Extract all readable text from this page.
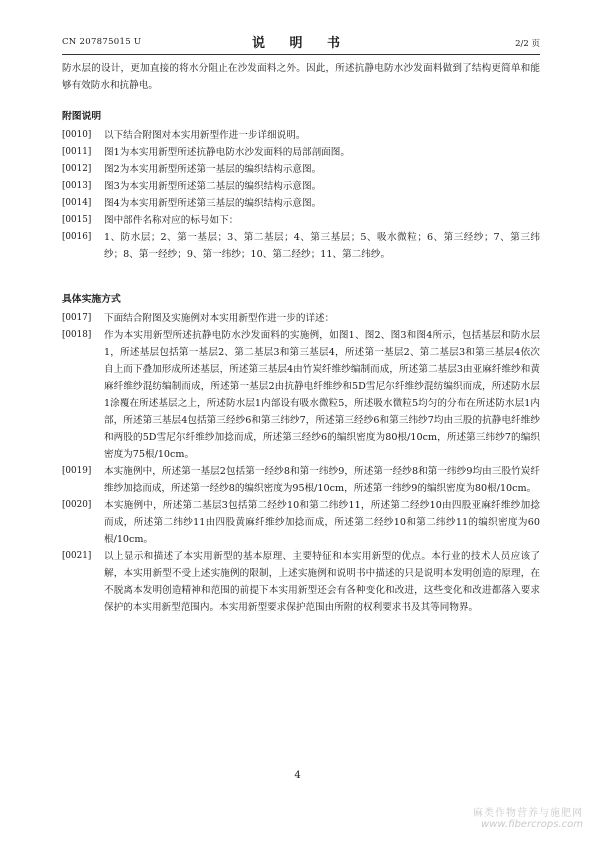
CN 207875015 U	说 明 书	2/2 页

防水层的设计，更加直接的将水分阻止在沙发面料之外。因此，所述抗静电防水沙发面料做到了结构更简单和能够有效防水和抗静电。

附图说明
[0010]	以下结合附图对本实用新型作进一步详细说明。
[0011]	图1为本实用新型所述抗静电防水沙发面料的局部剖面图。
[0012]	图2为本实用新型所述第一基层的编织结构示意图。
[0013]	图3为本实用新型所述第二基层的编织结构示意图。
[0014]	图4为本实用新型所述第三基层的编织结构示意图。
[0015]	图中部件名称对应的标号如下：
[0016]	1、防水层；2、第一基层；3、第二基层；4、第三基层；5、吸水微粒；6、第三经纱；7、第三纬纱；8、第一经纱；9、第一纬纱；10、第二经纱；11、第二纬纱。
具体实施方式
[0017]	下面结合附图及实施例对本实用新型作进一步的详述：
[0018]	作为本实用新型所述抗静电防水沙发面料的实施例，如图1、图2、图3和图4所示，包括基层和防水层1，所述基层包括第一基层2、第二基层3和第三基层4，所述第一基层2、第二基层3和第三基层4依次自上而下叠加形成所述基层，所述第三基层4由竹炭纤维纱编制而成，所述第二基层3由亚麻纤维纱和黄麻纤维纱混纺编制而成，所述第一基层2由抗静电纤维纱和5D雪尼尔纤维纱混纺编织而成，所述防水层1涂覆在所述基层之上，所述防水层1内部设有吸水微粒5，所述吸水微粒5均匀的分布在所述防水层1内部，所述第三基层4包括第三经纱6和第三纬纱7，所述第三经纱6和第三纬纱7均由三股的抗静电纤维纱和两股的5D雪尼尔纤维纱加捻而成，所述第三经纱6的编织密度为80根/10cm，所述第三纬纱7的编织密度为75根/10cm。
[0019]	本实施例中，所述第一基层2包括第一经纱8和第一纬纱9，所述第一经纱8和第一纬纱9均由三股竹炭纤维纱加捻而成，所述第一经纱8的编织密度为95根/10cm，所述第一纬纱9的编织密度为80根/10cm。
[0020]	本实施例中，所述第二基层3包括第二经纱10和第二纬纱11，所述第二经纱10由四股亚麻纤维纱加捻而成，所述第二纬纱11由四股黄麻纤维纱加捻而成，所述第二经纱10和第二纬纱11的编织密度为60根/10cm。
[0021]	以上显示和描述了本实用新型的基本原理、主要特征和本实用新型的优点。本行业的技术人员应该了解，本实用新型不受上述实施例的限制，上述实施例和说明书中描述的只是说明本发明创造的原理，在不脱离本发明创造精神和范围的前提下本实用新型还会有各种变化和改进，这些变化和改进都落入要求保护的本实用新型范围内。本实用新型要求保护范围由所附的权利要求书及其等同物界。
4
麻类作物营养与施肥网
www.fibercrops.com
